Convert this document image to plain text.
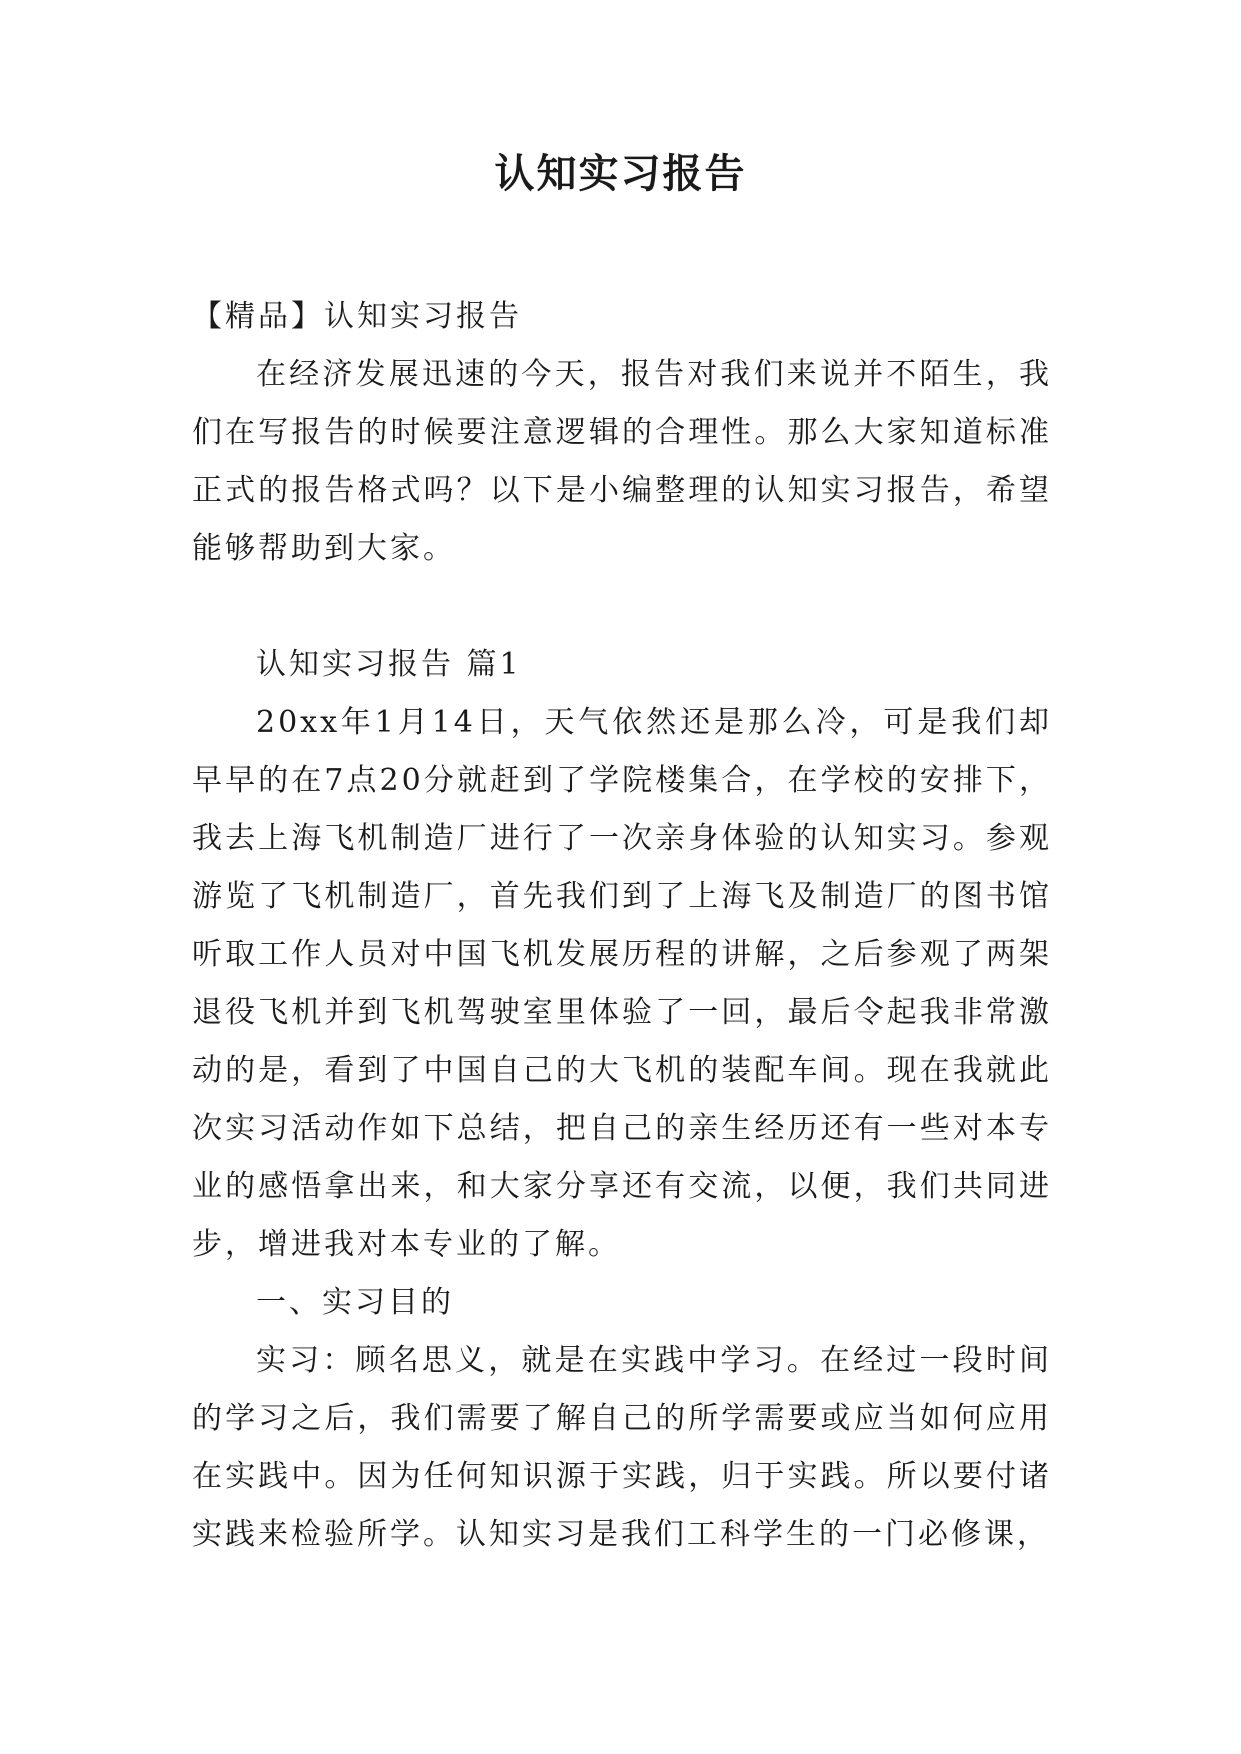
认知实习报告

【精品】认知实习报告

在经济发展迅速的今天，报告对我们来说并不陌生，我们在写报告的时候要注意逻辑的合理性。那么大家知道标准正式的报告格式吗？以下是小编整理的认知实习报告，希望能够帮助到大家。

认知实习报告 篇1

20xx年1月14日，天气依然还是那么冷，可是我们却早早的在7点20分就赶到了学院楼集合，在学校的安排下，我去上海飞机制造厂进行了一次亲身体验的认知实习。参观游览了飞机制造厂，首先我们到了上海飞及制造厂的图书馆听取工作人员对中国飞机发展历程的讲解，之后参观了两架退役飞机并到飞机驾驶室里体验了一回，最后令起我非常激动的是，看到了中国自己的大飞机的装配车间。现在我就此次实习活动作如下总结，把自己的亲生经历还有一些对本专业的感悟拿出来，和大家分享还有交流，以便，我们共同进步，增进我对本专业的了解。

一、实习目的

实习：顾名思义，就是在实践中学习。在经过一段时间的学习之后，我们需要了解自己的所学需要或应当如何应用在实践中。因为任何知识源于实践，归于实践。所以要付诸实践来检验所学。认知实习是我们工科学生的一门必修课，
